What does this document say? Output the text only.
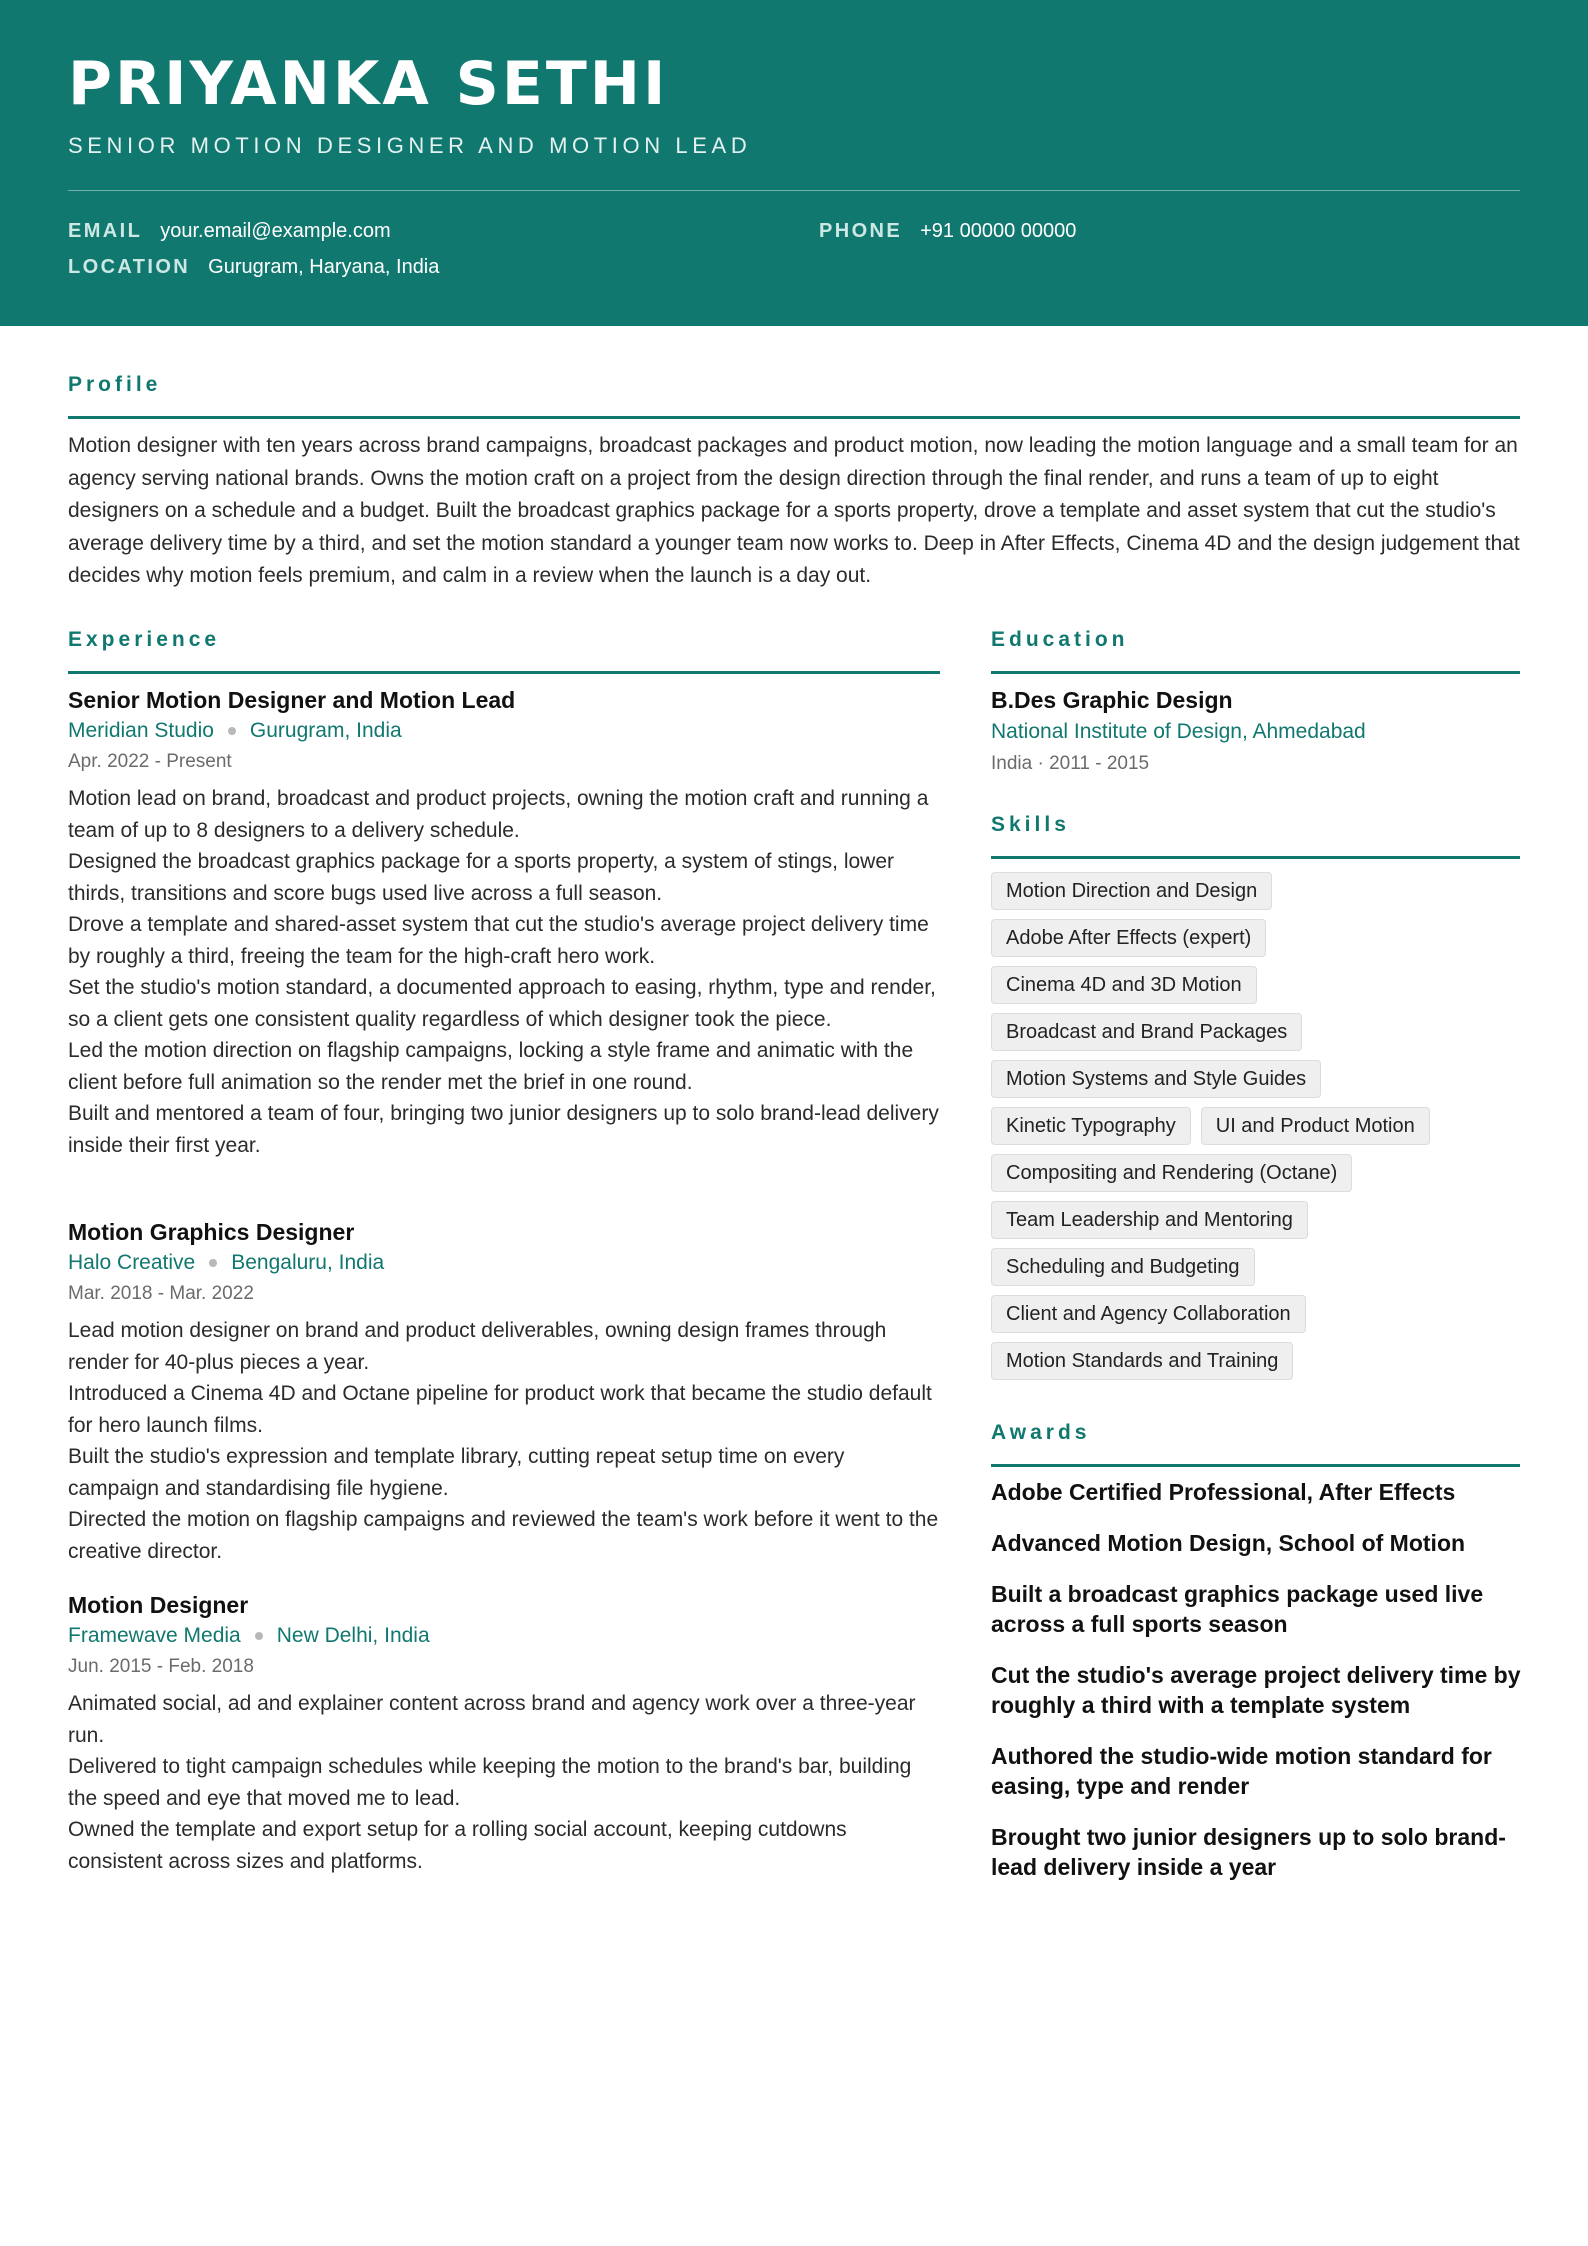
PRIYANKA SETHI
SENIOR MOTION DESIGNER AND MOTION LEAD
EMAIL your.email@example.com	PHONE +91 00000 00000
LOCATION Gurugram, Haryana, India
Profile

Motion designer with ten years across brand campaigns, broadcast packages and product motion, now leading the motion language and a small team for an agency serving national brands. Owns the motion craft on a project from the design direction through the final render, and runs a team of up to eight designers on a schedule and a budget. Built the broadcast graphics package for a sports property, drove a template and asset system that cut the studio's average delivery time by a third, and set the motion standard a younger team now works to. Deep in After Effects, Cinema 4D and the design judgement that decides why motion feels premium, and calm in a review when the launch is a day out.

Experience
Senior Motion Designer and Motion Lead
Meridian Studio Gurugram, India
Apr. 2022 - Present
Motion lead on brand, broadcast and product projects, owning the motion craft and running a team of up to 8 designers to a delivery schedule.
Designed the broadcast graphics package for a sports property, a system of stings, lower thirds, transitions and score bugs used live across a full season.
Drove a template and shared-asset system that cut the studio's average project delivery time by roughly a third, freeing the team for the high-craft hero work.
Set the studio's motion standard, a documented approach to easing, rhythm, type and render, so a client gets one consistent quality regardless of which designer took the piece.
Led the motion direction on flagship campaigns, locking a style frame and animatic with the client before full animation so the render met the brief in one round.
Built and mentored a team of four, bringing two junior designers up to solo brand-lead delivery inside their first year.
Motion Graphics Designer
Halo Creative Bengaluru, India
Mar. 2018 - Mar. 2022
Lead motion designer on brand and product deliverables, owning design frames through render for 40-plus pieces a year.
Introduced a Cinema 4D and Octane pipeline for product work that became the studio default for hero launch films.
Built the studio's expression and template library, cutting repeat setup time on every campaign and standardising file hygiene.
Directed the motion on flagship campaigns and reviewed the team's work before it went to the creative director.
Motion Designer
Framewave Media New Delhi, India
Jun. 2015 - Feb. 2018
Animated social, ad and explainer content across brand and agency work over a three-year run.
Delivered to tight campaign schedules while keeping the motion to the brand's bar, building the speed and eye that moved me to lead.
Owned the template and export setup for a rolling social account, keeping cutdowns consistent across sizes and platforms.
Education
B.Des Graphic Design
National Institute of Design, Ahmedabad
India · 2011 - 2015
Skills
Motion Direction and Design
Adobe After Effects (expert)
Cinema 4D and 3D Motion
Broadcast and Brand Packages
Motion Systems and Style Guides
Kinetic Typography UI and Product Motion
Compositing and Rendering (Octane)
Team Leadership and Mentoring
Scheduling and Budgeting
Client and Agency Collaboration
Motion Standards and Training
Awards
Adobe Certified Professional, After Effects
Advanced Motion Design, School of Motion
Built a broadcast graphics package used live across a full sports season
Cut the studio's average project delivery time by roughly a third with a template system
Authored the studio-wide motion standard for easing, type and render
Brought two junior designers up to solo brand-lead delivery inside a year
